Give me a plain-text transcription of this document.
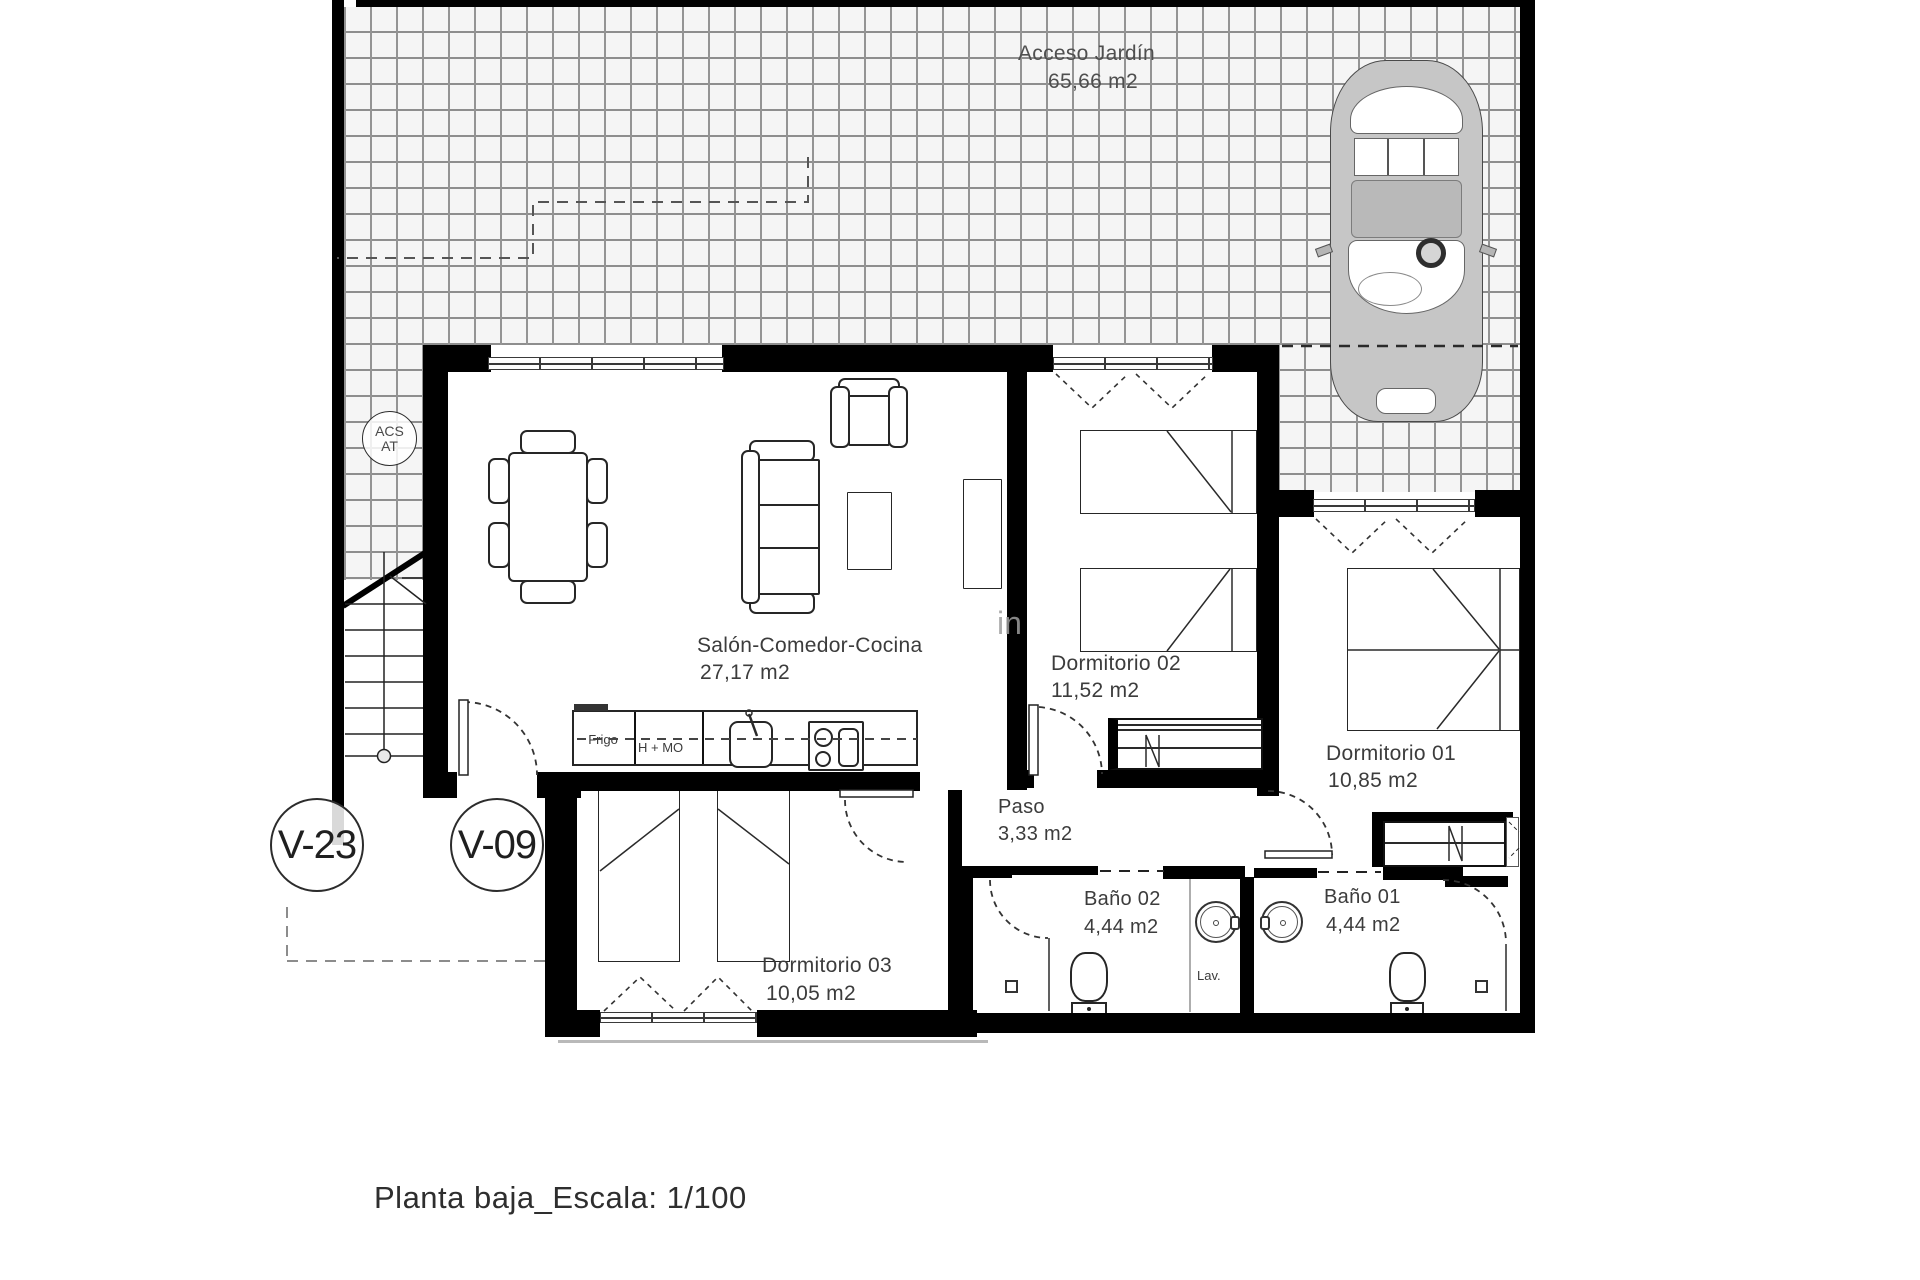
ACS
AT
V-23	V-09
Acceso Jardín
65,66 m2
Salón-Comedor-Cocina
27,17 m2	Dormitorio 02
11,52 m2
Dormitorio 01
10,85 m2
Paso
3,33 m2
Dormitorio 03
10,05 m2
Baño 02
4,44 m2
Baño 01
4,44 m2
Frigo
H + MO
Lav.
in
Planta baja_Escala: 1/100
